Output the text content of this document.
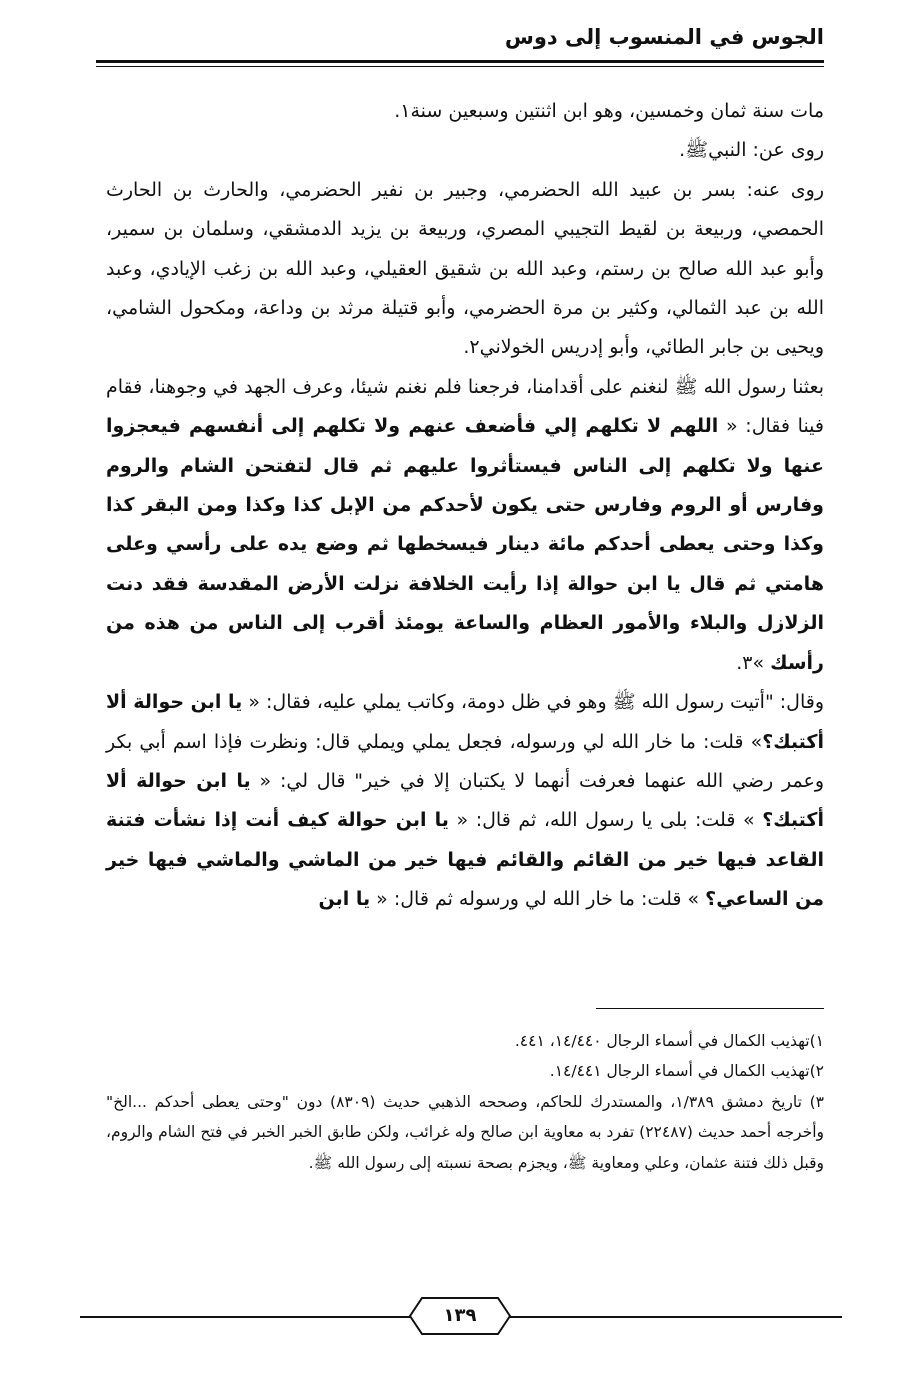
الجوس في المنسوب إلى دوس

مات سنة ثمان وخمسين، وهو ابن اثنتين وسبعين سنة١.

روى عن: النبيﷺ.

روى عنه: بسر بن عبيد الله الحضرمي، وجبير بن نفير الحضرمي، والحارث بن الحارث الحمصي، وربيعة بن لقيط التجيبي المصري، وربيعة بن يزيد الدمشقي، وسلمان بن سمير، وأبو عبد الله صالح بن رستم، وعبد الله بن شقيق العقيلي، وعبد الله بن زغب الإيادي، وعبد الله بن عبد الثمالي، وكثير بن مرة الحضرمي، وأبو قتيلة مرثد بن وداعة، ومكحول الشامي، ويحيى بن جابر الطائي، وأبو إدريس الخولاني٢.

بعثنا رسول الله ﷺ لنغنم على أقدامنا، فرجعنا فلم نغنم شيئا، وعرف الجهد في وجوهنا، فقام فينا فقال: « اللهم لا تكلهم إلي فأضعف عنهم ولا تكلهم إلى أنفسهم فيعجزوا عنها ولا تكلهم إلى الناس فيستأثروا عليهم ثم قال لتفتحن الشام والروم وفارس أو الروم وفارس حتى يكون لأحدكم من الإبل كذا وكذا ومن البقر كذا وكذا وحتى يعطى أحدكم مائة دينار فيسخطها ثم وضع يده على رأسي وعلى هامتي ثم قال يا ابن حوالة إذا رأيت الخلافة نزلت الأرض المقدسة فقد دنت الزلازل والبلاء والأمور العظام والساعة يومئذ أقرب إلى الناس من هذه من رأسك »٣.

وقال: "أتيت رسول الله ﷺ وهو في ظل دومة، وكاتب يملي عليه، فقال: « يا ابن حوالة ألا أكتبك؟» قلت: ما خار الله لي ورسوله، فجعل يملي ويملي قال: ونظرت فإذا اسم أبي بكر وعمر رضي الله عنهما فعرفت أنهما لا يكتبان إلا في خير" قال لي: « يا ابن حوالة ألا أكتبك؟ » قلت: بلى يا رسول الله، ثم قال: « يا ابن حوالة كيف أنت إذا نشأت فتنة القاعد فيها خير من القائم والقائم فيها خير من الماشي والماشي فيها خير من الساعي؟ » قلت: ما خار الله لي ورسوله ثم قال: « يا ابن

١)تهذيب الكمال في أسماء الرجال ١٤/٤٤٠، ٤٤١.

٢)تهذيب الكمال في أسماء الرجال ١٤/٤٤١.

٣) تاريخ دمشق ١/٣٨٩، والمستدرك للحاكم، وصححه الذهبي حديث (٨٣٠٩) دون "وحتى يعطى أحدكم ...الخ" وأخرجه أحمد حديث (٢٢٤٨٧) تفرد به معاوية ابن صالح وله غرائب، ولكن طابق الخبر الخبر في فتح الشام والروم، وقبل ذلك فتنة عثمان، وعلي ومعاوية ﷺ، ويجزم بصحة نسبته إلى رسول الله ﷺ.

١٣٩
